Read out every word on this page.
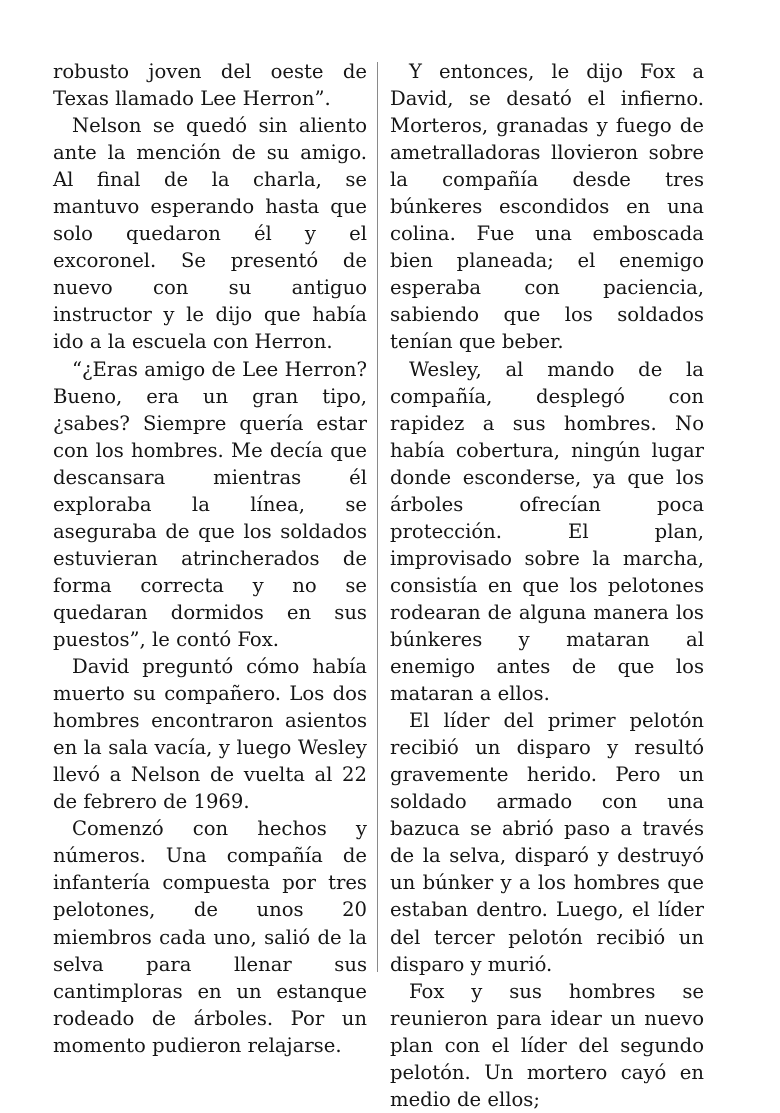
robusto joven del oeste de Texas llamado Lee Herron”.

Nelson se quedó sin aliento ante la mención de su amigo. Al final de la charla, se mantuvo esperando hasta que solo quedaron él y el excoronel. Se presentó de nuevo con su antiguo instructor y le dijo que había ido a la escuela con Herron.

“¿Eras amigo de Lee Herron? Bueno, era un gran tipo, ¿sabes? Siempre quería estar con los hombres. Me decía que descansara mientras él exploraba la línea, se aseguraba de que los soldados estuvieran atrincherados de forma correcta y no se quedaran dormidos en sus puestos”, le contó Fox.

David preguntó cómo había muerto su compañero. Los dos hombres encontraron asientos en la sala vacía, y luego Wesley llevó a Nelson de vuelta al 22 de febrero de 1969.

Comenzó con hechos y números. Una compañía de infantería compuesta por tres pelotones, de unos 20 miembros cada uno, salió de la selva para llenar sus cantimploras en un estanque rodeado de árboles. Por un momento pudieron relajarse.

Y entonces, le dijo Fox a David, se desató el infierno. Morteros, granadas y fuego de ametralladoras llovieron sobre la compañía desde tres búnkeres escondidos en una colina. Fue una emboscada bien planeada; el enemigo esperaba con paciencia, sabiendo que los soldados tenían que beber.

Wesley, al mando de la compañía, desplegó con rapidez a sus hombres. No había cobertura, ningún lugar donde esconderse, ya que los árboles ofrecían poca protección. El plan, improvisado sobre la marcha, consistía en que los pelotones rodearan de alguna manera los búnkeres y mataran al enemigo antes de que los mataran a ellos.

El líder del primer pelotón recibió un disparo y resultó gravemente herido. Pero un soldado armado con una bazuca se abrió paso a través de la selva, disparó y destruyó un búnker y a los hombres que estaban dentro. Luego, el líder del tercer pelotón recibió un disparo y murió.

Fox y sus hombres se reunieron para idear un nuevo plan con el líder del segundo pelotón. Un mortero cayó en medio de ellos;
